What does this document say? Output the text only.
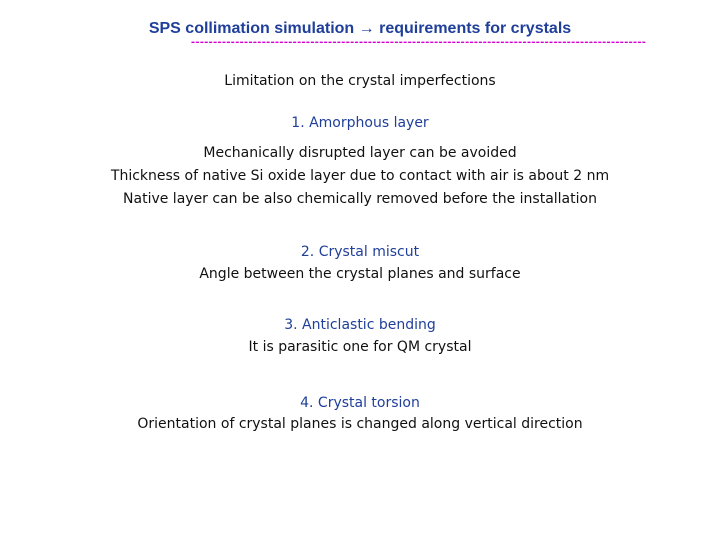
SPS collimation simulation → requirements for crystals
-------------------------------------------------------------------------------------------------------
Limitation on the crystal imperfections
1. Amorphous layer
Mechanically disrupted layer can be avoided
Thickness of native Si oxide layer due to contact with air is about 2 nm
Native layer can be also chemically removed before the installation
2. Crystal miscut
Angle between the crystal planes and surface
3. Anticlastic bending
It is parasitic one for QM crystal
4. Crystal torsion
Orientation of crystal planes is changed along vertical direction
